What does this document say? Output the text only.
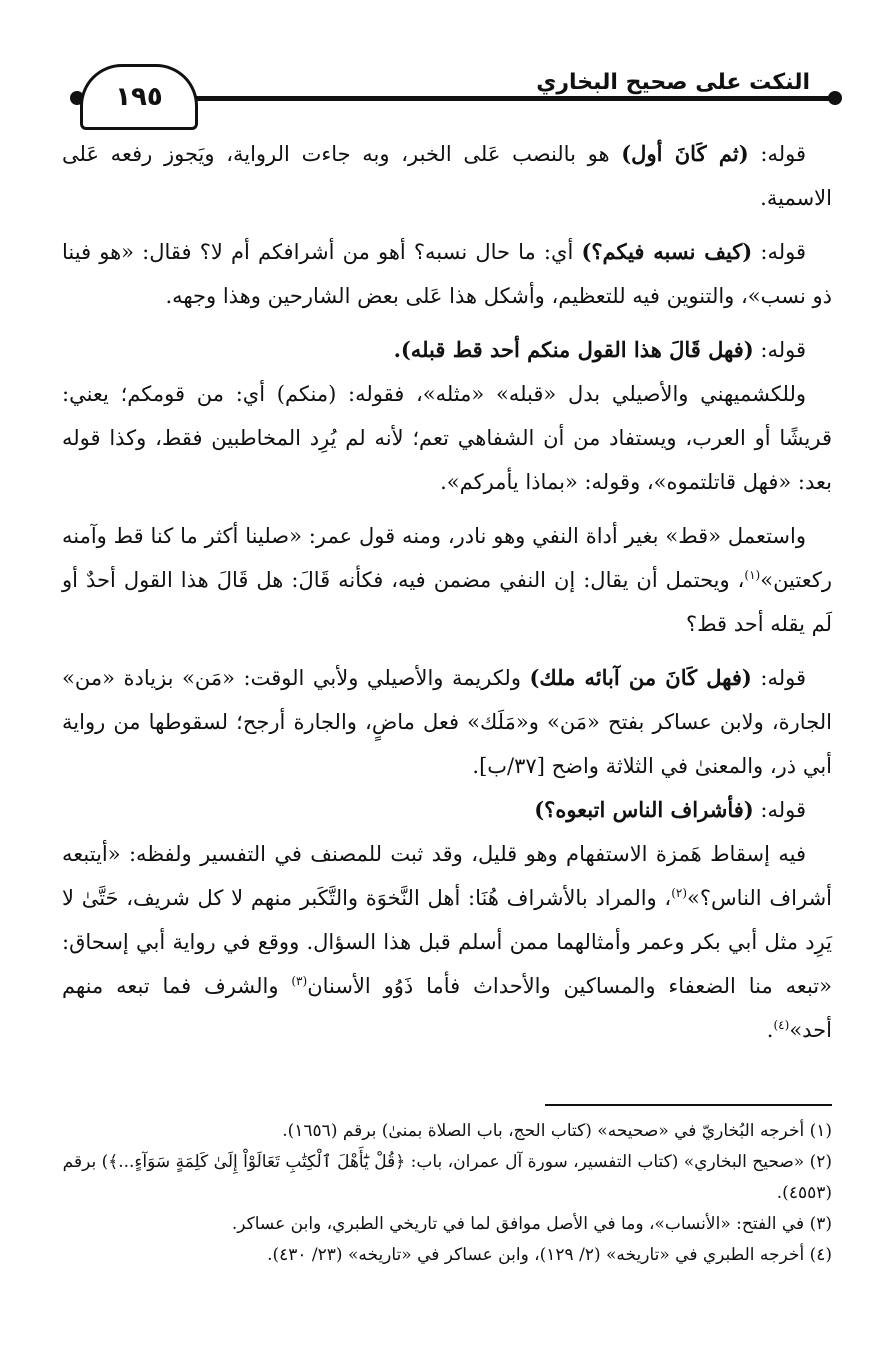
النكت على صحيح البخاري
١٩٥

قوله: (ثم كَانَ أول) هو بالنصب عَلى الخبر، وبه جاءت الرواية، ويَجوز رفعه عَلى الاسمية.

قوله: (كيف نسبه فيكم؟) أي: ما حال نسبه؟ أهو من أشرافكم أم لا؟ فقال: «هو فينا ذو نسب»، والتنوين فيه للتعظيم، وأشكل هذا عَلى بعض الشارحين وهذا وجهه.

قوله: (فهل قَالَ هذا القول منكم أحد قط قبله).

وللكشميهني والأصيلي بدل «قبله» «مثله»، فقوله: (منكم) أي: من قومكم؛ يعني: قريشًا أو العرب، ويستفاد من أن الشفاهي تعم؛ لأنه لم يُرِد المخاطبين فقط، وكذا قوله بعد: «فهل قاتلتموه»، وقوله: «بماذا يأمركم».

واستعمل «قط» بغير أداة النفي وهو نادر، ومنه قول عمر: «صلينا أكثر ما كنا قط وآمنه ركعتين»$^{(١)}$، ويحتمل أن يقال: إن النفي مضمن فيه، فكأنه قَالَ: هل قَالَ هذا القول أحدٌ أو لَم يقله أحد قط؟

قوله: (فهل كَانَ من آبائه ملك) ولكريمة والأصيلي ولأبي الوقت: «مَن» بزيادة «من» الجارة، ولابن عساكر بفتح «مَن» و«مَلَك» فعل ماضٍ، والجارة أرجح؛ لسقوطها من رواية أبي ذر، والمعنىٰ في الثلاثة واضح [٣٧/ب].

قوله: (فأشراف الناس اتبعوه؟)

فيه إسقاط هَمزة الاستفهام وهو قليل، وقد ثبت للمصنف في التفسير ولفظه: «أيتبعه أشراف الناس؟»$^{(٢)}$، والمراد بالأشراف هُنَا: أهل النَّخوَة والتَّكَبر منهم لا كل شريف، حَتَّىٰ لا يَرِد مثل أبي بكر وعمر وأمثالهما ممن أسلم قبل هذا السؤال. ووقع في رواية أبي إسحاق: «تبعه منا الضعفاء والمساكين والأحداث فأما ذَوُو الأسنان$^{(٣)}$ والشرف فما تبعه منهم أحد»$^{(٤)}$.

(١) أخرجه البُخاريّ في «صحيحه» (كتاب الحج، باب الصلاة بمنىٰ) برقم (١٦٥٦).

(٢) «صحيح البخاري» (كتاب التفسير، سورة آل عمران، باب: ﴿قُلْ يَٰٓأَهْلَ ٱلْكِتَٰبِ تَعَالَوْاْ إِلَىٰ كَلِمَةٍ سَوَآءٍ...﴾) برقم (٤٥٥٣).

(٣) في الفتح: «الأنساب»، وما في الأصل موافق لما في تاريخي الطبري، وابن عساكر.

(٤) أخرجه الطبري في «تاريخه» (٢/ ١٢٩)، وابن عساكر في «تاريخه» (٢٣/ ٤٣٠).
